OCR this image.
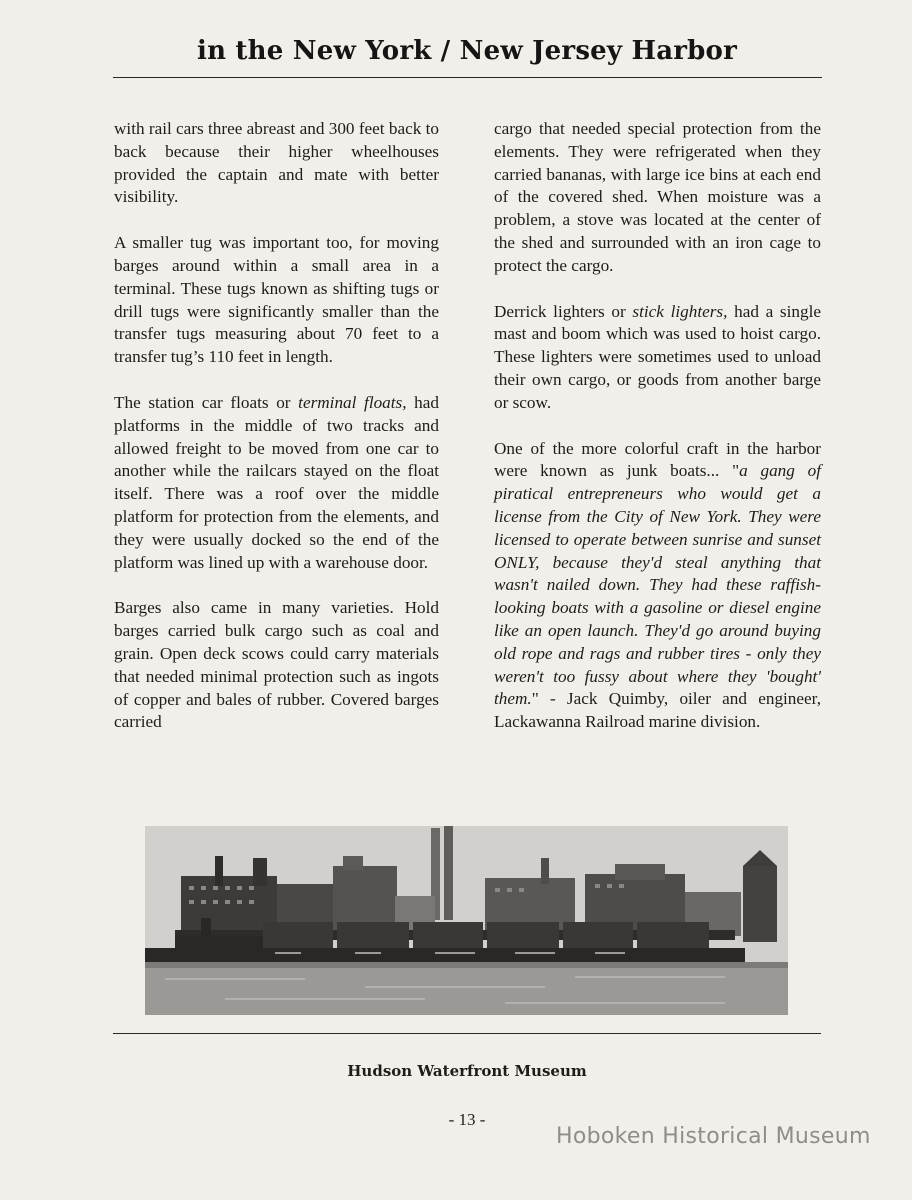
in the New York / New Jersey Harbor

with rail cars three abreast and 300 feet back to back because their higher wheelhouses provided the captain and mate with better visibility.

A smaller tug was important too, for moving barges around within a small area in a terminal. These tugs known as shifting tugs or drill tugs were significantly smaller than the transfer tugs measuring about 70 feet to a transfer tug’s 110 feet in length.

The station car floats or terminal floats, had platforms in the middle of two tracks and allowed freight to be moved from one car to another while the railcars stayed on the float itself. There was a roof over the middle platform for protection from the elements, and they were usually docked so the end of the platform was lined up with a warehouse door.

Barges also came in many varieties. Hold barges carried bulk cargo such as coal and grain. Open deck scows could carry materials that needed minimal protection such as ingots of copper and bales of rubber. Covered barges carried

cargo that needed special protection from the elements. They were refrigerated when they carried bananas, with large ice bins at each end of the covered shed. When moisture was a problem, a stove was located at the center of the shed and surrounded with an iron cage to protect the cargo.

Derrick lighters or stick lighters, had a single mast and boom which was used to hoist cargo. These lighters were sometimes used to unload their own cargo, or goods from another barge or scow.

One of the more colorful craft in the harbor were known as junk boats... "a gang of piratical entrepreneurs who would get a license from the City of New York. They were licensed to operate between sunrise and sunset ONLY, because they'd steal anything that wasn't nailed down. They had these raffish-looking boats with a gasoline or diesel engine like an open launch. They'd go around buying old rope and rags and rubber tires - only they weren't too fussy about where they 'bought' them." - Jack Quimby, oiler and engineer, Lackawanna Railroad marine division.

Hudson Waterfront Museum
- 13 -
Hoboken Historical Museum
